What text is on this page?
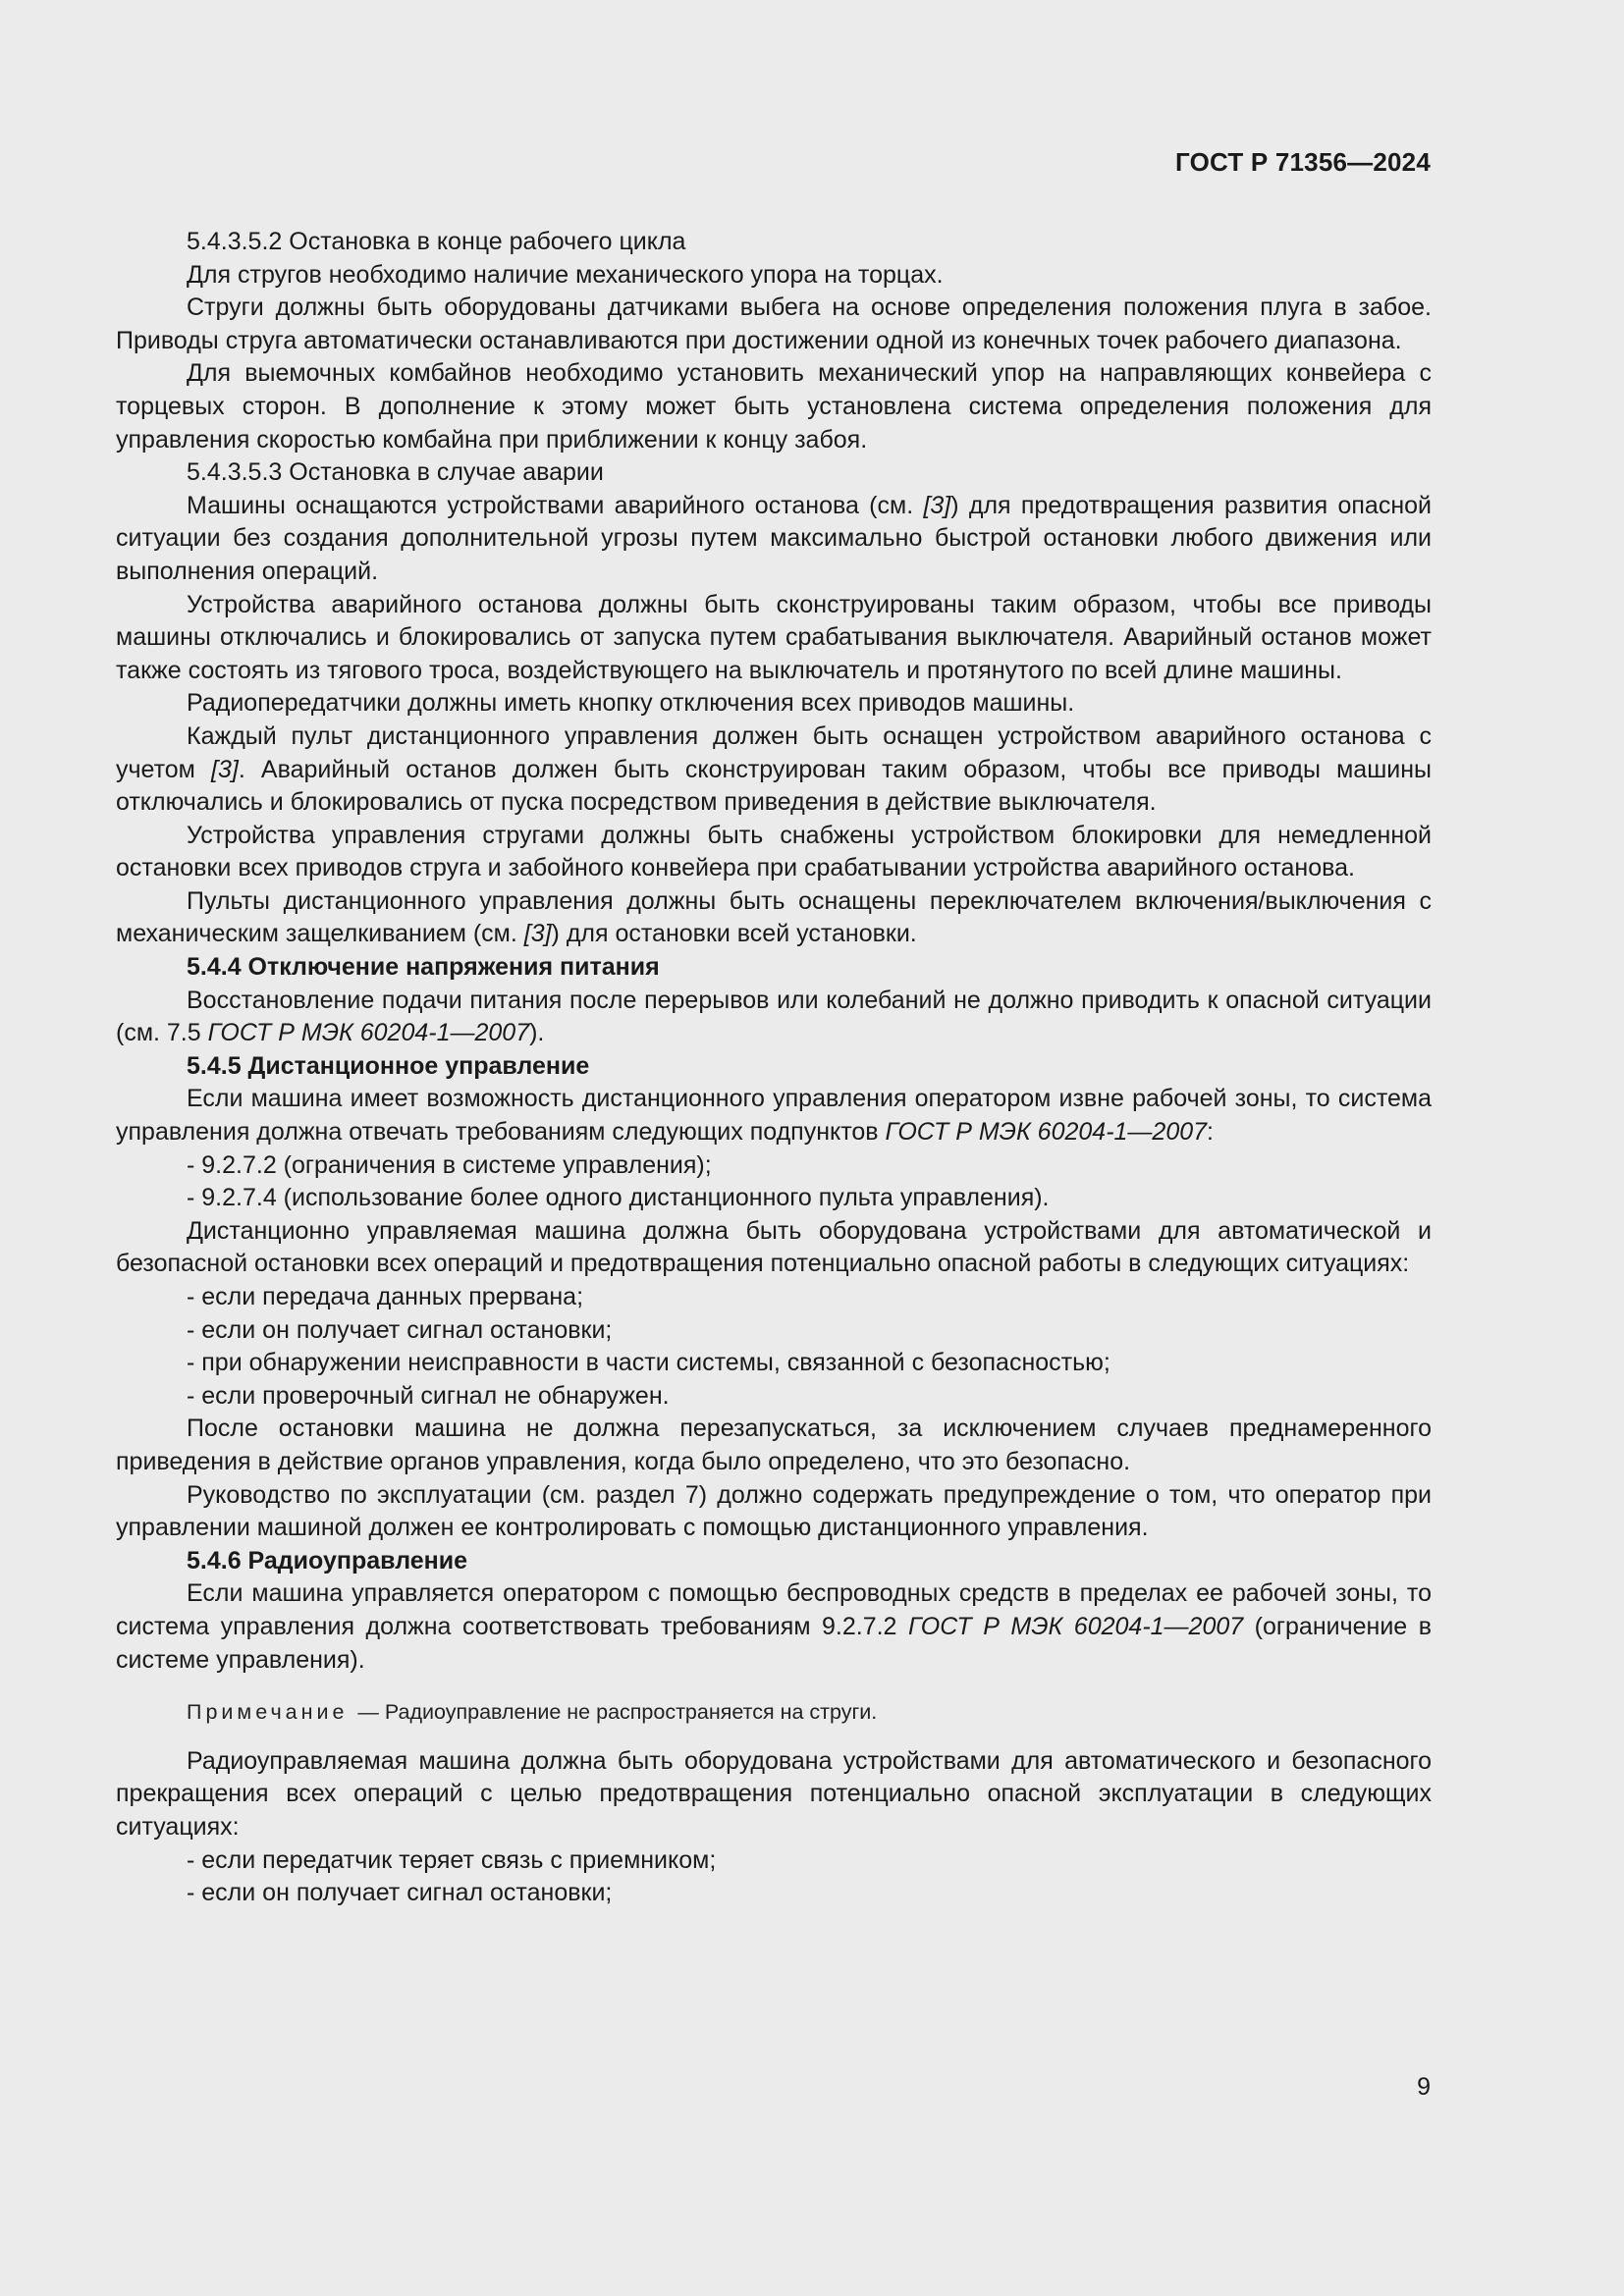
ГОСТ Р 71356—2024

5.4.3.5.2 Остановка в конце рабочего цикла

Для стругов необходимо наличие механического упора на торцах.

Струги должны быть оборудованы датчиками выбега на основе определения положения плуга в забое. Приводы струга автоматически останавливаются при достижении одной из конечных точек рабочего диапазона.

Для выемочных комбайнов необходимо установить механический упор на направляющих конвейера с торцевых сторон. В дополнение к этому может быть установлена система определения положения для управления скоростью комбайна при приближении к концу забоя.

5.4.3.5.3 Остановка в случае аварии

Машины оснащаются устройствами аварийного останова (см. [3]) для предотвращения развития опасной ситуации без создания дополнительной угрозы путем максимально быстрой остановки любого движения или выполнения операций.

Устройства аварийного останова должны быть сконструированы таким образом, чтобы все приводы машины отключались и блокировались от запуска путем срабатывания выключателя. Аварийный останов может также состоять из тягового троса, воздействующего на выключатель и протянутого по всей длине машины.

Радиопередатчики должны иметь кнопку отключения всех приводов машины.

Каждый пульт дистанционного управления должен быть оснащен устройством аварийного останова с учетом [3]. Аварийный останов должен быть сконструирован таким образом, чтобы все приводы машины отключались и блокировались от пуска посредством приведения в действие выключателя.

Устройства управления стругами должны быть снабжены устройством блокировки для немедленной остановки всех приводов струга и забойного конвейера при срабатывании устройства аварийного останова.

Пульты дистанционного управления должны быть оснащены переключателем включения/выключения с механическим защелкиванием (см. [3]) для остановки всей установки.

5.4.4 Отключение напряжения питания

Восстановление подачи питания после перерывов или колебаний не должно приводить к опасной ситуации (см. 7.5 ГОСТ Р МЭК 60204-1—2007).

5.4.5 Дистанционное управление

Если машина имеет возможность дистанционного управления оператором извне рабочей зоны, то система управления должна отвечать требованиям следующих подпунктов ГОСТ Р МЭК 60204-1—2007:

- 9.2.7.2 (ограничения в системе управления);

- 9.2.7.4 (использование более одного дистанционного пульта управления).

Дистанционно управляемая машина должна быть оборудована устройствами для автоматической и безопасной остановки всех операций и предотвращения потенциально опасной работы в следующих ситуациях:

- если передача данных прервана;

- если он получает сигнал остановки;

- при обнаружении неисправности в части системы, связанной с безопасностью;

- если проверочный сигнал не обнаружен.

После остановки машина не должна перезапускаться, за исключением случаев преднамеренного приведения в действие органов управления, когда было определено, что это безопасно.

Руководство по эксплуатации (см. раздел 7) должно содержать предупреждение о том, что оператор при управлении машиной должен ее контролировать с помощью дистанционного управления.

5.4.6 Радиоуправление

Если машина управляется оператором с помощью беспроводных средств в пределах ее рабочей зоны, то система управления должна соответствовать требованиям 9.2.7.2 ГОСТ Р МЭК 60204-1—2007 (ограничение в системе управления).

Примечание — Радиоуправление не распространяется на струги.

Радиоуправляемая машина должна быть оборудована устройствами для автоматического и безопасного прекращения всех операций с целью предотвращения потенциально опасной эксплуатации в следующих ситуациях:

- если передатчик теряет связь с приемником;

- если он получает сигнал остановки;

9
